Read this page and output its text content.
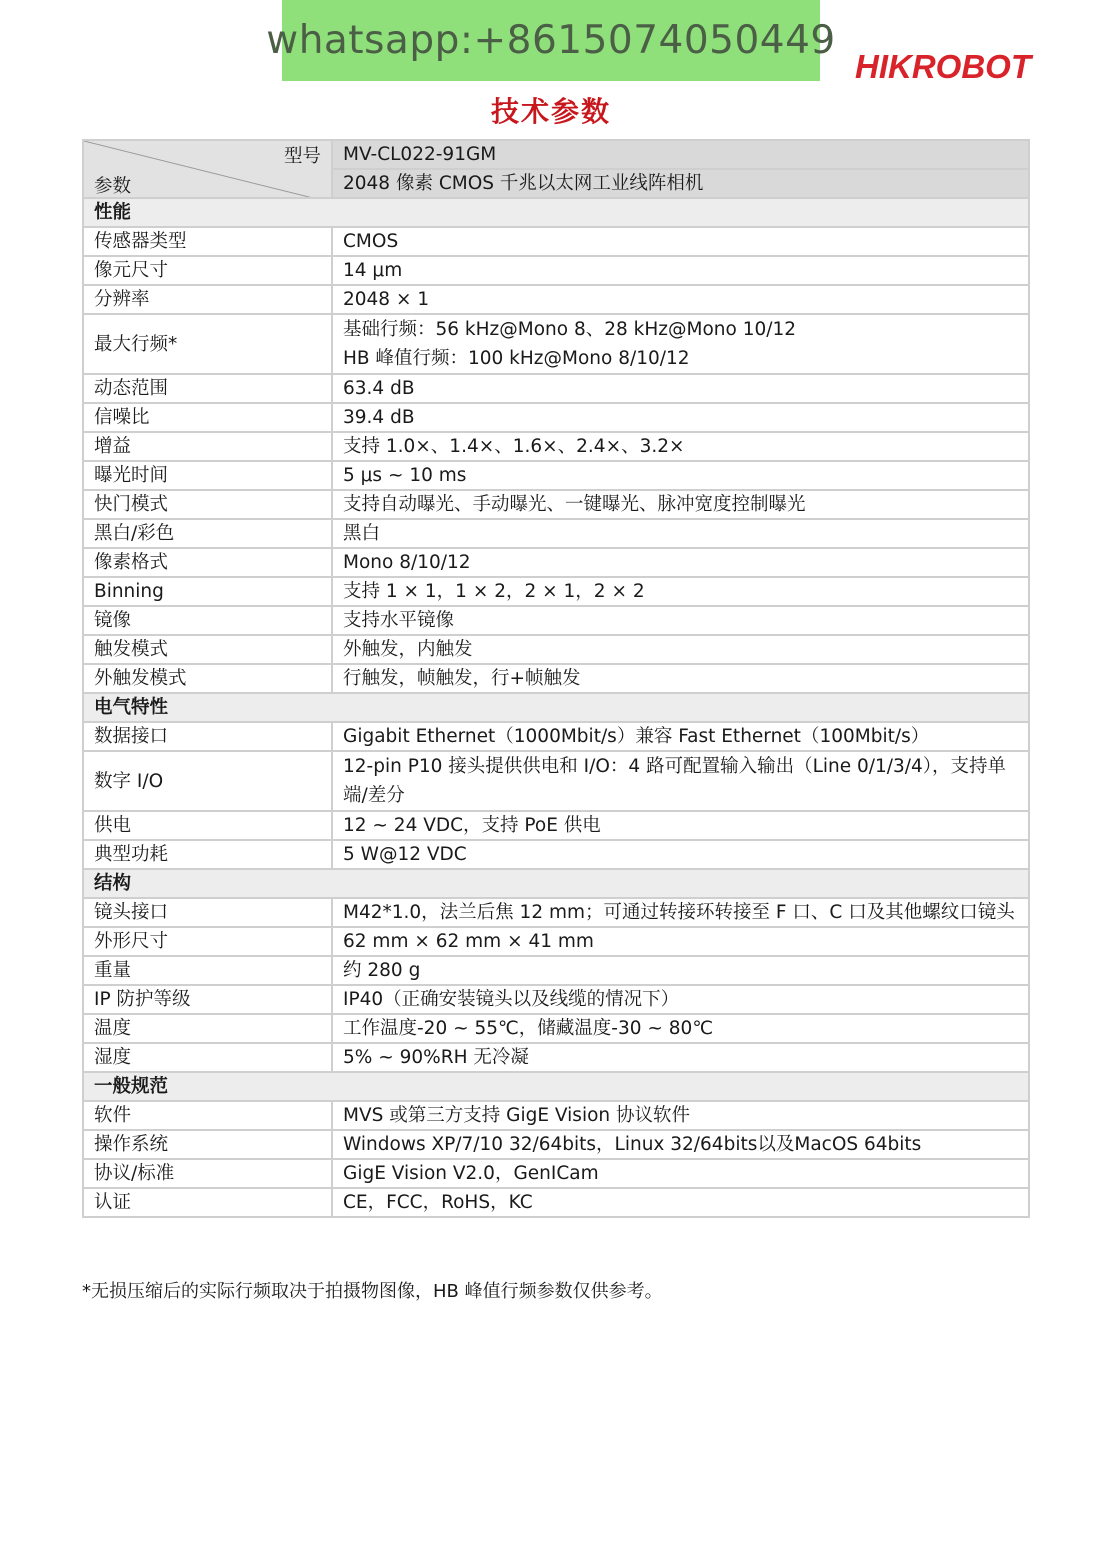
whatsapp:+8615074050449
HIKROBOT
技术参数
型号
参数	MV-CL022-91GM
	2048 像素 CMOS 千兆以太网工业线阵相机
性能	
传感器类型	CMOS
像元尺寸	14 μm
分辨率	2048 × 1
最大行频*	基础行频：56 kHz@Mono 8、28 kHz@Mono 10/12
HB 峰值行频：100 kHz@Mono 8/10/12

动态范围	63.4 dB
信噪比	39.4 dB
增益	支持 1.0×、1.4×、1.6×、2.4×、3.2×
曝光时间	5 μs ~ 10 ms
快门模式	支持自动曝光、手动曝光、一键曝光、脉冲宽度控制曝光
黑白/彩色	黑白
像素格式	Mono 8/10/12
Binning	支持 1 × 1，1 × 2，2 × 1，2 × 2
镜像	支持水平镜像
触发模式	外触发，内触发
外触发模式	行触发，帧触发，行+帧触发
电气特性	
数据接口	Gigabit Ethernet（1000Mbit/s）兼容 Fast Ethernet（100Mbit/s）
数字 I/O	12-pin P10 接头提供供电和 I/O：4 路可配置输入输出（Line 0/1/3/4），支持单
端/差分

供电	12 ~ 24 VDC，支持 PoE 供电
典型功耗	5 W@12 VDC
结构	
镜头接口	M42*1.0，法兰后焦 12 mm；可通过转接环转接至 F 口、C 口及其他螺纹口镜头
外形尺寸	62 mm × 62 mm × 41 mm
重量	约 280 g
IP 防护等级	IP40（正确安装镜头以及线缆的情况下）
温度	工作温度-20 ~ 55℃，储藏温度-30 ~ 80℃
湿度	5% ~ 90%RH 无冷凝
一般规范	
软件	MVS 或第三方支持 GigE Vision 协议软件
操作系统	Windows XP/7/10 32/64bits，Linux 32/64bits以及MacOS 64bits
协议/标准	GigE Vision V2.0，GenICam
认证	CE，FCC，RoHS，KC
*无损压缩后的实际行频取决于拍摄物图像，HB 峰值行频参数仅供参考。
